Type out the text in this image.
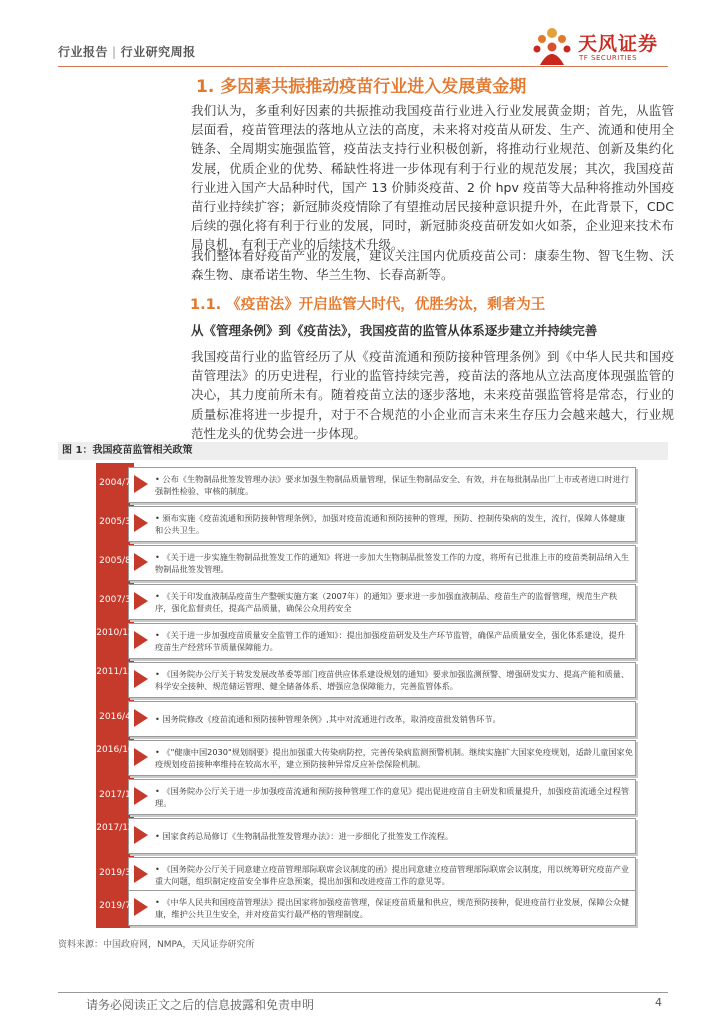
行业报告 | 行业研究周报	天风证券
TF SECURITIES
1. 多因素共振推动疫苗行业进入发展黄金期
我们认为，多重利好因素的共振推动我国疫苗行业进入行业发展黄金期；首先，从监管层面看，疫苗管理法的落地从立法的高度，未来将对疫苗从研发、生产、流通和使用全链条、全周期实施强监管，疫苗法支持行业积极创新，将推动行业规范、创新及集约化发展，优质企业的优势、稀缺性将进一步体现有利于行业的规范发展；其次，我国疫苗行业进入国产大品种时代，国产 13 价肺炎疫苗、2 价 hpv 疫苗等大品种将推动外国疫苗行业持续扩容；新冠肺炎疫情除了有望推动居民接种意识提升外，在此背景下，CDC 后续的强化将有利于行业的发展，同时，新冠肺炎疫苗研发如火如荼，企业迎来技术布局良机，有利于产业的后续技术升级。
我们整体看好疫苗产业的发展，建议关注国内优质疫苗公司：康泰生物、智飞生物、沃森生物、康希诺生物、华兰生物、长春高新等。
1.1. 《疫苗法》开启监管大时代，优胜劣汰，剩者为王
从《管理条例》到《疫苗法》，我国疫苗的监管从体系逐步建立并持续完善
我国疫苗行业的监管经历了从《疫苗流通和预防接种管理条例》到《中华人民共和国疫苗管理法》的历史进程，行业的监管持续完善，疫苗法的落地从立法高度体现强监管的决心，其力度前所未有。随着疫苗立法的逐步落地，未来疫苗强监管将是常态，行业的质量标准将进一步提升，对于不合规范的小企业而言未来生存压力会越来越大，行业规范性龙头的优势会进一步体现。
图 1：我国疫苗监管相关政策
• 公布《生物制品批签发管理办法》要求加强生物制品质量管理，保证生物制品安全、有效，并在每批制品出厂上市或者进口时进行强制性检验、审核的制度。
2004/7
• 颁布实施《疫苗流通和预防接种管理条例》，加强对疫苗流通和预防接种的管理，预防、控制传染病的发生，流行，保障人体健康和公共卫生。
2005/3
• 《关于进一步实施生物制品批签发工作的通知》将进一步加大生物制品批签发工作的力度，将所有已批准上市的疫苗类制品纳入生物制品批签发管理。
2005/8
• 《关于印发血液制品疫苗生产整顿实施方案（2007年）的通知》要求进一步加强血液制品、疫苗生产的监督管理，规范生产秩序，强化监督责任，提高产品质量，确保公众用药安全
2007/3
• 《关于进一步加强疫苗质量安全监管工作的通知》：提出加强疫苗研发及生产环节监管，确保产品质量安全，强化体系建设，提升疫苗生产经营环节质量保障能力。
2010/12
• 《国务院办公厅关于转发发展改革委等部门疫苗供应体系建设规划的通知》要求加强监测预警、增强研发实力、提高产能和质量、科学安全接种、规范储运管理、健全储备体系、增强应急保障能力，完善监管体系。
2011/12
• 国务院修改《疫苗流通和预防接种管理条例》,其中对流通进行改革，取消疫苗批发销售环节。
2016/4
• 《"健康中国2030"规划纲要》提出加强重大传染病防控，完善传染病监测预警机制。继续实施扩大国家免疫规划，适龄儿童国家免疫规划疫苗接种率维持在较高水平，建立预防接种异常反应补偿保险机制。
2016/10
• 《国务院办公厅关于进一步加强疫苗流通和预防接种管理工作的意见》提出促进疫苗自主研发和质量提升，加强疫苗流通全过程管理。
2017/1
• 国家食药总局修订《生物制品批签发管理办法》：进一步细化了批签发工作流程。
2017/12
• 《国务院办公厅关于同意建立疫苗管理部际联席会议制度的函》提出同意建立疫苗管理部际联席会议制度，用以统筹研究疫苗产业重大问题，组织制定疫苗安全事件应急预案，提出加强和改进疫苗工作的意见等。
2019/3
• 《中华人民共和国疫苗管理法》提出国家将加强疫苗管理，保证疫苗质量和供应，规范预防接种，促进疫苗行业发展，保障公众健康，维护公共卫生安全，并对疫苗实行最严格的管理制度。
2019/7
资料来源：中国政府网，NMPA，天风证券研究所
请务必阅读正文之后的信息披露和免责申明	4
